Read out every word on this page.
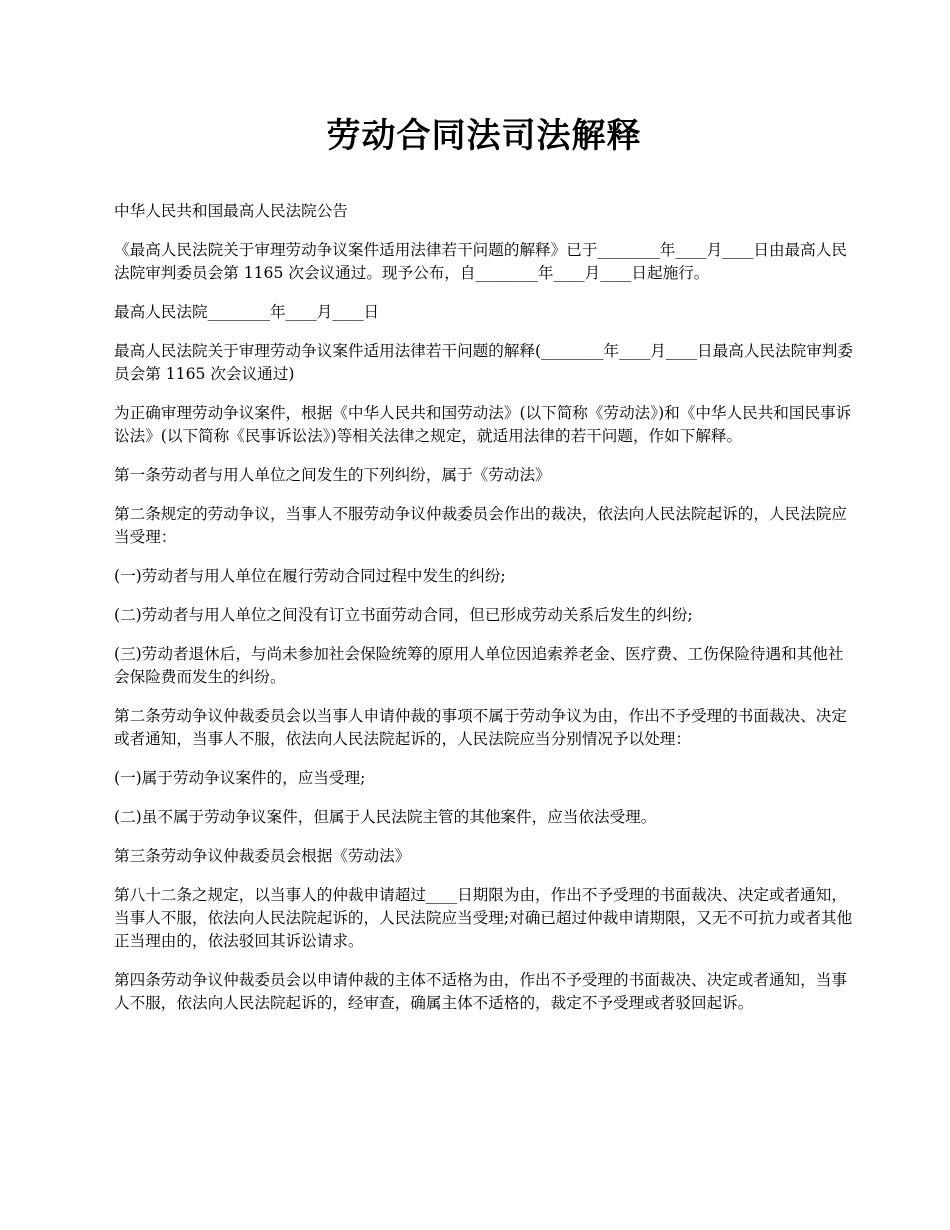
劳动合同法司法解释

中华人民共和国最高人民法院公告

《最高人民法院关于审理劳动争议案件适用法律若干问题的解释》已于________年____月____日由最高人民法院审判委员会第 1165 次会议通过。现予公布，自________年____月____日起施行。

最高人民法院________年____月____日

最高人民法院关于审理劳动争议案件适用法律若干问题的解释(________年____月____日最高人民法院审判委员会第 1165 次会议通过)

为正确审理劳动争议案件，根据《中华人民共和国劳动法》(以下简称《劳动法》)和《中华人民共和国民事诉讼法》(以下简称《民事诉讼法》)等相关法律之规定，就适用法律的若干问题，作如下解释。

第一条劳动者与用人单位之间发生的下列纠纷，属于《劳动法》

第二条规定的劳动争议，当事人不服劳动争议仲裁委员会作出的裁决，依法向人民法院起诉的，人民法院应当受理：

(一)劳动者与用人单位在履行劳动合同过程中发生的纠纷;

(二)劳动者与用人单位之间没有订立书面劳动合同，但已形成劳动关系后发生的纠纷;

(三)劳动者退休后，与尚未参加社会保险统筹的原用人单位因追索养老金、医疗费、工伤保险待遇和其他社会保险费而发生的纠纷。

第二条劳动争议仲裁委员会以当事人申请仲裁的事项不属于劳动争议为由，作出不予受理的书面裁决、决定或者通知，当事人不服，依法向人民法院起诉的，人民法院应当分别情况予以处理：

(一)属于劳动争议案件的，应当受理;

(二)虽不属于劳动争议案件，但属于人民法院主管的其他案件，应当依法受理。

第三条劳动争议仲裁委员会根据《劳动法》

第八十二条之规定，以当事人的仲裁申请超过____日期限为由，作出不予受理的书面裁决、决定或者通知，当事人不服，依法向人民法院起诉的，人民法院应当受理;对确已超过仲裁申请期限，又无不可抗力或者其他正当理由的，依法驳回其诉讼请求。

第四条劳动争议仲裁委员会以申请仲裁的主体不适格为由，作出不予受理的书面裁决、决定或者通知，当事人不服，依法向人民法院起诉的，经审查，确属主体不适格的，裁定不予受理或者驳回起诉。
